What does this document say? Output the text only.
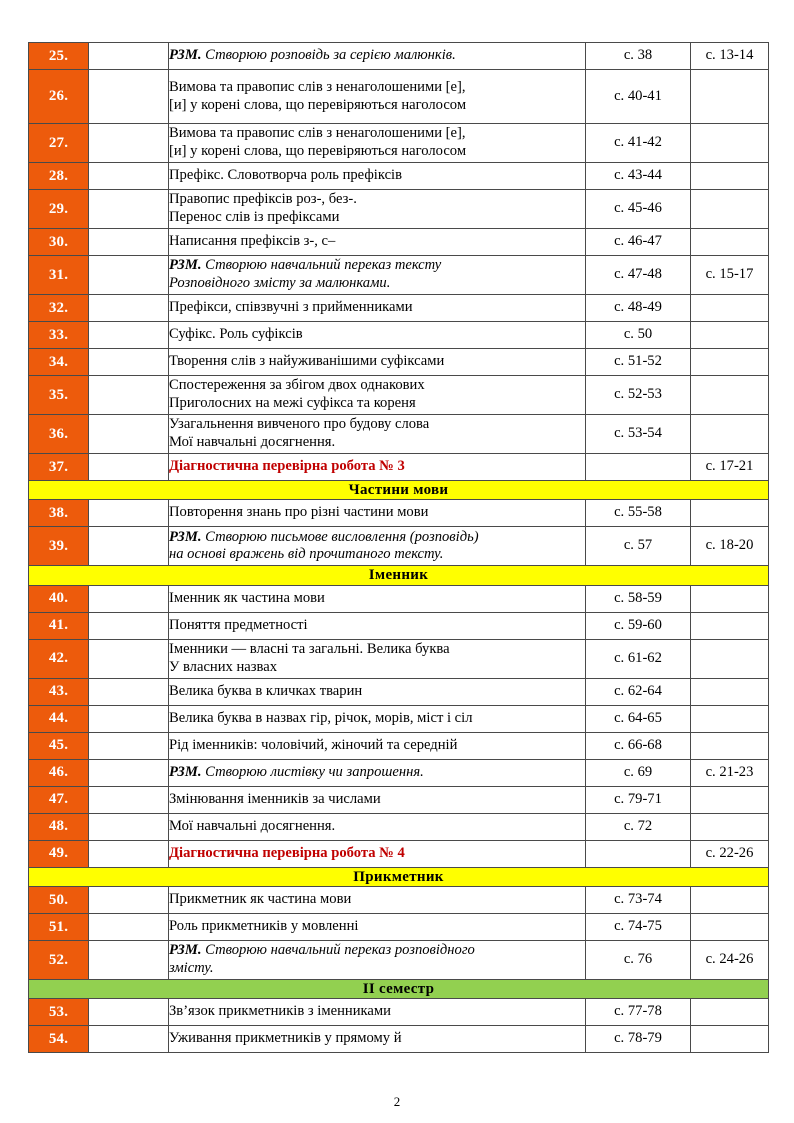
25.		РЗМ. Створюю розповідь за серією малюнків.	с. 38	с. 13-14
26.		Вимова та правопис слів з ненаголошеними [е],
[и] у корені слова, що перевіряються наголосом	с. 40-41	
27.		Вимова та правопис слів з ненаголошеними [е],
[и] у корені слова, що перевіряються наголосом	с. 41-42	
28.		Префікс. Словотворча роль префіксів	с. 43-44	
29.		Правопис префіксів роз-, без-.
Перенос слів із префіксами	с. 45-46	
30.		Написання префіксів з-, с–	с. 46-47	
31.		РЗМ. Створюю навчальний переказ тексту
Розповідного змісту за малюнками.	с. 47-48	с. 15-17
32.		Префікси, співзвучні з прийменниками	с. 48-49	
33.		Суфікс. Роль суфіксів	с. 50	
34.		Творення слів з найуживанішими суфіксами	с. 51-52	
35.		Спостереження за збігом двох однакових
Приголосних на межі суфікса та кореня	с. 52-53	
36.		Узагальнення вивченого про будову слова
Мої навчальні досягнення.	с. 53-54	
37.		Діагностична перевірна робота № 3		с. 17-21
Частини мови				
38.		Повторення знань про різні частини мови	с. 55-58	
39.		РЗМ. Створюю письмове висловлення (розповідь)
на основі вражень від прочитаного тексту.	с. 57	с. 18-20
Іменник				
40.		Іменник як частина мови	с. 58-59	
41.		Поняття предметності	с. 59-60	
42.		Іменники — власні та загальні. Велика буква
У власних назвах	с. 61-62	
43.		Велика буква в кличках тварин	с. 62-64	
44.		Велика буква в назвах гір, річок, морів, міст і сіл	с. 64-65	
45.		Рід іменників: чоловічий, жіночий та середній	с. 66-68	
46.		РЗМ. Створюю листівку чи запрошення.	с. 69	с. 21-23
47.		Змінювання іменників за числами	с. 79-71	
48.		Мої навчальні досягнення.	с. 72	
49.		Діагностична перевірна робота № 4		с. 22-26
Прикметник				
50.		Прикметник як частина мови	с. 73-74	
51.		Роль прикметників у мовленні	с. 74-75	
52.		РЗМ. Створюю навчальний переказ розповідного
змісту.	с. 76	с. 24-26
ІІ семестр				
53.		Зв’язок прикметників з іменниками	с. 77-78	
54.		Уживання прикметників у прямому й	с. 78-79	
2
